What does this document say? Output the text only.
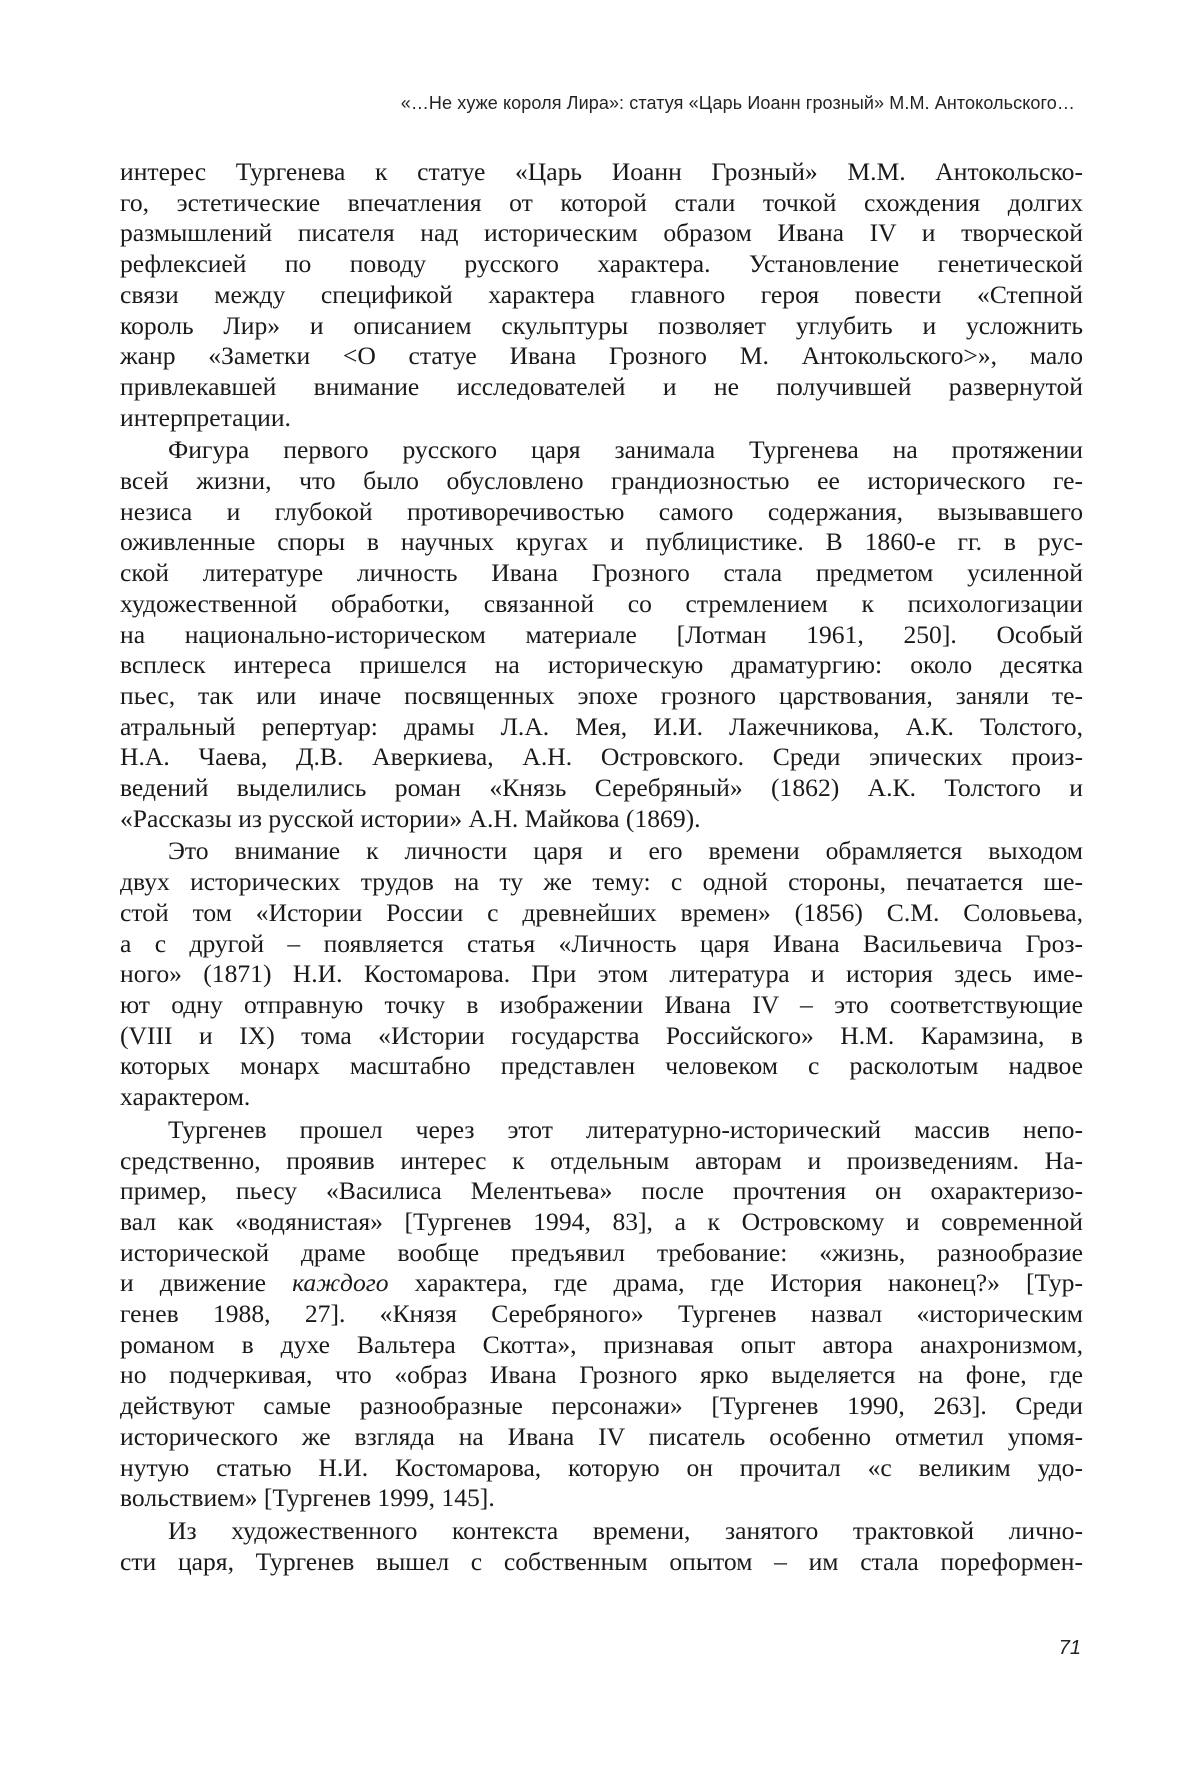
«…Не хуже короля Лира»: статуя «Царь Иоанн грозный» М.М. Антокольского…

интерес Тургенева к статуе «Царь Иоанн Грозный» М.М. Антокольско-
го, эстетические впечатления от которой стали точкой схождения долгих
размышлений писателя над историческим образом Ивана IV и творческой
рефлексией по поводу русского характера. Установление генетической
связи между спецификой характера главного героя повести «Степной
король Лир» и описанием скульптуры позволяет углубить и усложнить
жанр «Заметки <О статуе Ивана Грозного М. Антокольского>», мало
привлекавшей внимание исследователей и не получившей развернутой
интерпретации.

Фигура первого русского царя занимала Тургенева на протяжении
всей жизни, что было обусловлено грандиозностью ее исторического ге-
незиса и глубокой противоречивостью самого содержания, вызывавшего
оживленные споры в научных кругах и публицистике. В 1860-е гг. в рус-
ской литературе личность Ивана Грозного стала предметом усиленной
художественной обработки, связанной со стремлением к психологизации
на национально-историческом материале [Лотман 1961, 250]. Особый
всплеск интереса пришелся на историческую драматургию: около десятка
пьес, так или иначе посвященных эпохе грозного царствования, заняли те-
атральный репертуар: драмы Л.А. Мея, И.И. Лажечникова, А.К. Толстого,
Н.А. Чаева, Д.В. Аверкиева, А.Н. Островского. Среди эпических произ-
ведений выделились роман «Князь Серебряный» (1862) А.К. Толстого и
«Рассказы из русской истории» А.Н. Майкова (1869).

Это внимание к личности царя и его времени обрамляется выходом
двух исторических трудов на ту же тему: с одной стороны, печатается ше-
стой том «Истории России с древнейших времен» (1856) С.М. Соловьева,
а с другой – появляется статья «Личность царя Ивана Васильевича Гроз-
ного» (1871) Н.И. Костомарова. При этом литература и история здесь име-
ют одну отправную точку в изображении Ивана IV – это соответствующие
(VIII и IX) тома «Истории государства Российского» Н.М. Карамзина, в
которых монарх масштабно представлен человеком с расколотым надвое
характером.

Тургенев прошел через этот литературно-исторический массив непо-
средственно, проявив интерес к отдельным авторам и произведениям. На-
пример, пьесу «Василиса Мелентьева» после прочтения он охарактеризо-
вал как «водянистая» [Тургенев 1994, 83], а к Островскому и современной
исторической драме вообще предъявил требование: «жизнь, разнообразие
и движение каждого характера, где драма, где История наконец?» [Тур-
генев 1988, 27]. «Князя Серебряного» Тургенев назвал «историческим
романом в духе Вальтера Скотта», признавая опыт автора анахронизмом,
но подчеркивая, что «образ Ивана Грозного ярко выделяется на фоне, где
действуют самые разнообразные персонажи» [Тургенев 1990, 263]. Среди
исторического же взгляда на Ивана IV писатель особенно отметил упомя-
нутую статью Н.И. Костомарова, которую он прочитал «с великим удо-
вольствием» [Тургенев 1999, 145].

Из художественного контекста времени, занятого трактовкой лично-
сти царя, Тургенев вышел с собственным опытом – им стала пореформен-

71
